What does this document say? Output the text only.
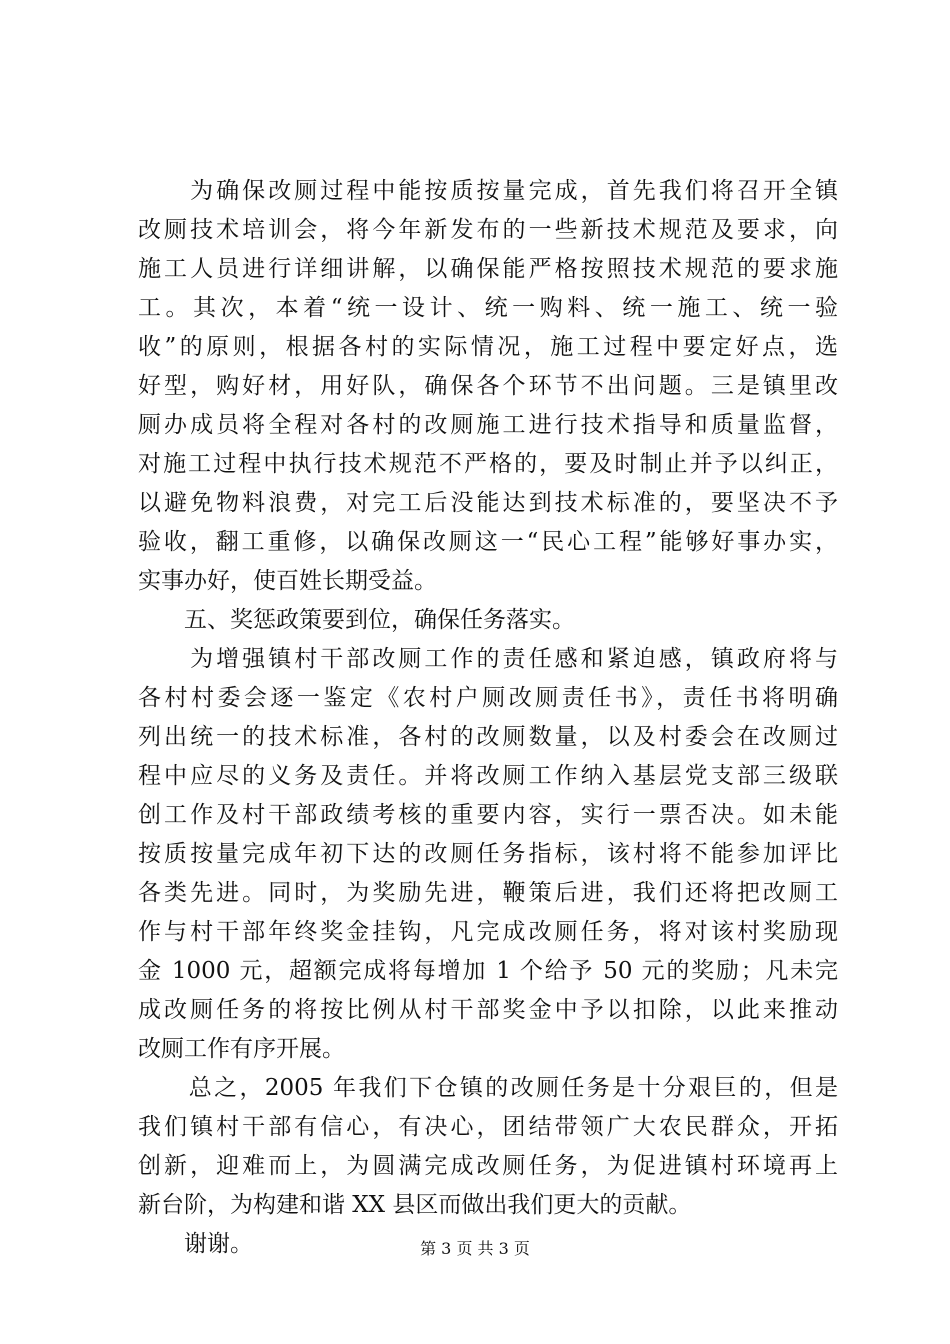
　　为确保改厕过程中能按质按量完成，首先我们将召开全镇
改厕技术培训会，将今年新发布的一些新技术规范及要求，向
施工人员进行详细讲解，以确保能严格按照技术规范的要求施
工。其次，本着“统一设计、统一购料、统一施工、统一验
收”的原则，根据各村的实际情况，施工过程中要定好点，选
好型，购好材，用好队，确保各个环节不出问题。三是镇里改
厕办成员将全程对各村的改厕施工进行技术指导和质量监督，
对施工过程中执行技术规范不严格的，要及时制止并予以纠正，
以避免物料浪费，对完工后没能达到技术标准的，要坚决不予
验收，翻工重修，以确保改厕这一“民心工程”能够好事办实，
实事办好，使百姓长期受益。
　　五、奖惩政策要到位，确保任务落实。
　　为增强镇村干部改厕工作的责任感和紧迫感，镇政府将与
各村村委会逐一鉴定《农村户厕改厕责任书》，责任书将明确
列出统一的技术标准，各村的改厕数量，以及村委会在改厕过
程中应尽的义务及责任。并将改厕工作纳入基层党支部三级联
创工作及村干部政绩考核的重要内容，实行一票否决。如未能
按质按量完成年初下达的改厕任务指标，该村将不能参加评比
各类先进。同时，为奖励先进，鞭策后进，我们还将把改厕工
作与村干部年终奖金挂钩，凡完成改厕任务，将对该村奖励现
金 1000 元，超额完成将每增加 1 个给予 50 元的奖励；凡未完
成改厕任务的将按比例从村干部奖金中予以扣除，以此来推动
改厕工作有序开展。
　　总之，2005 年我们下仓镇的改厕任务是十分艰巨的，但是
我们镇村干部有信心，有决心，团结带领广大农民群众，开拓
创新，迎难而上，为圆满完成改厕任务，为促进镇村环境再上
新台阶，为构建和谐 XX 县区而做出我们更大的贡献。
　　谢谢。	第 3 页 共 3 页
